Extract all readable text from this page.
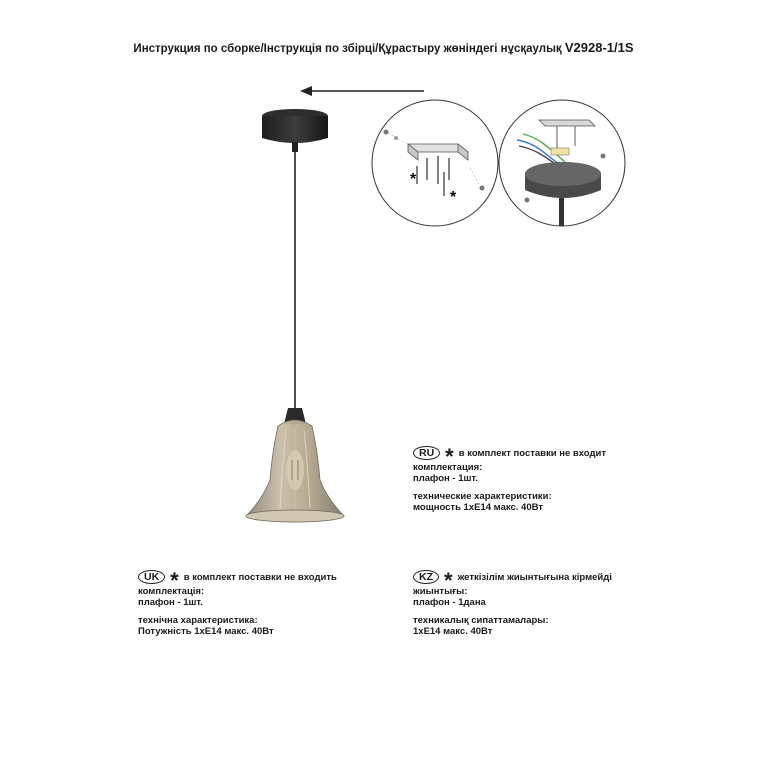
Инструкция по сборке/Інструкція по збірці/Құрастыру жөніндегі нұсқаулық V2928-1/1S
*
*
RU * в комплект поставки не входит
комплектация:
плафон - 1шт.
технические характеристики:
мощность 1хЕ14 макс. 40Вт
UK * в комплект поставки не входить
комплектація:
плафон - 1шт.
технічна характеристика:
Потужність 1хЕ14 макс. 40Вт
KZ * жеткізілім жиынтығына кірмейді
жиынтығы:
плафон - 1дана
техникалық сипаттамалары:
1хЕ14 макс. 40Вт
